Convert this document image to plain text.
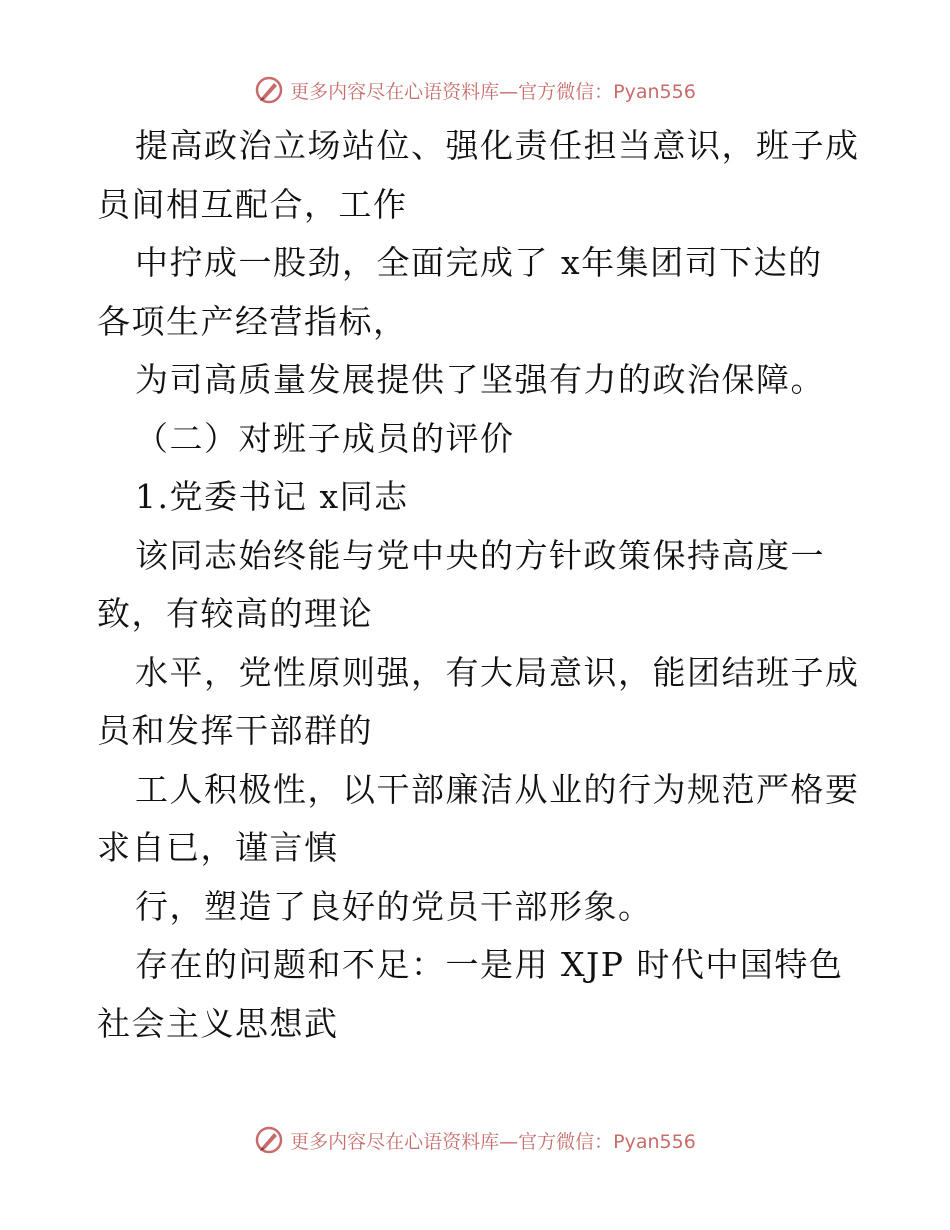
更多内容尽在心语资料库—官方微信：Pyan556
提高政治立场站位、强化责任担当意识，班子成
员间相互配合，工作
中拧成一股劲，全面完成了 x年集团司下达的
各项生产经营指标，
为司高质量发展提供了坚强有力的政治保障。
（二）对班子成员的评价
1.党委书记 x同志
该同志始终能与党中央的方针政策保持高度一
致，有较高的理论
水平，党性原则强，有大局意识，能团结班子成
员和发挥干部群的
工人积极性，以干部廉洁从业的行为规范严格要
求自已，谨言慎
行，塑造了良好的党员干部形象。
存在的问题和不足：一是用 XJP 时代中国特色
社会主义思想武
更多内容尽在心语资料库—官方微信：Pyan556
